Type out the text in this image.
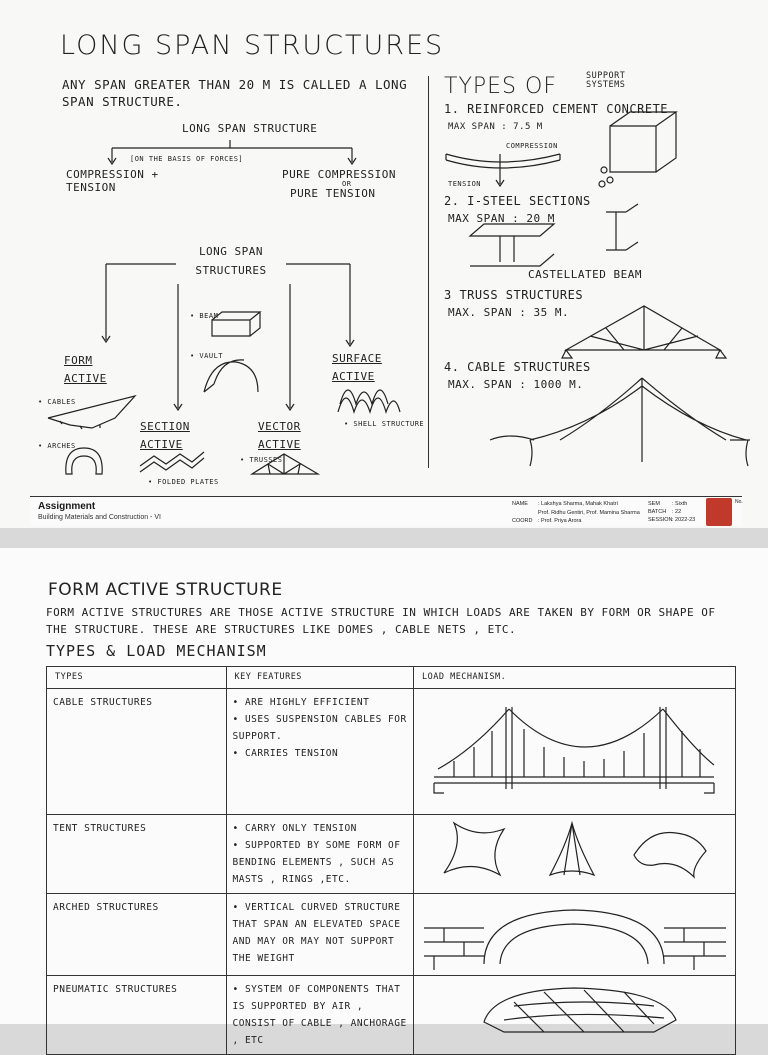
LONG SPAN STRUCTURES
ANY SPAN GREATER THAN 20 M IS CALLED A LONG SPAN STRUCTURE.
LONG SPAN STRUCTURE
[ON THE BASIS OF FORCES]
COMPRESSION + TENSION
PURE COMPRESSION
OR
PURE TENSION
LONG SPAN STRUCTURES
FORM ACTIVE
• CABLES
• ARCHES
SECTION ACTIVE
• BEAM
• VAULT
• FOLDED PLATES
VECTOR ACTIVE
• TRUSSES
SURFACE ACTIVE
• SHELL STRUCTURE
TYPES OF	SUPPORT SYSTEMS
1. REINFORCED CEMENT CONCRETE
MAX SPAN : 7.5 M
COMPRESSION
TENSION
2. I-STEEL SECTIONS
MAX SPAN : 20 M
CASTELLATED BEAM
3 TRUSS STRUCTURES
MAX. SPAN : 35 M.
4. CABLE STRUCTURES
MAX. SPAN : 1000 M.
Assignment
Building Materials and Construction - VI
NAME : Lakshya Sharma, Mahak Khatri
Prof. Ridhu Gentiri, Prof. Mamina Sharma
COORD : Prof. Priya Arora
SEM : Sixth
BATCH : 22
SESSION : 2022-23
No.
FORM ACTIVE STRUCTURE
FORM ACTIVE STRUCTURES ARE THOSE ACTIVE STRUCTURE IN WHICH LOADS ARE TAKEN BY FORM OR SHAPE OF THE STRUCTURE. THESE ARE STRUCTURES LIKE DOMES , CABLE NETS , ETC.
TYPES & LOAD MECHANISM
TYPES	KEY FEATURES	LOAD MECHANISM.
CABLE STRUCTURES	• ARE HIGHLY EFFICIENT
• USES SUSPENSION CABLES FOR SUPPORT.
• CARRIES TENSION

TENT STRUCTURES	• CARRY ONLY TENSION
• SUPPORTED BY SOME FORM OF BENDING ELEMENTS , SUCH AS MASTS , RINGS ,ETC.

ARCHED STRUCTURES	• VERTICAL CURVED STRUCTURE THAT SPAN AN ELEVATED SPACE AND MAY OR MAY NOT SUPPORT THE WEIGHT

PNEUMATIC STRUCTURES	• SYSTEM OF COMPONENTS THAT IS SUPPORTED BY AIR , CONSIST OF CABLE , ANCHORAGE , ETC
